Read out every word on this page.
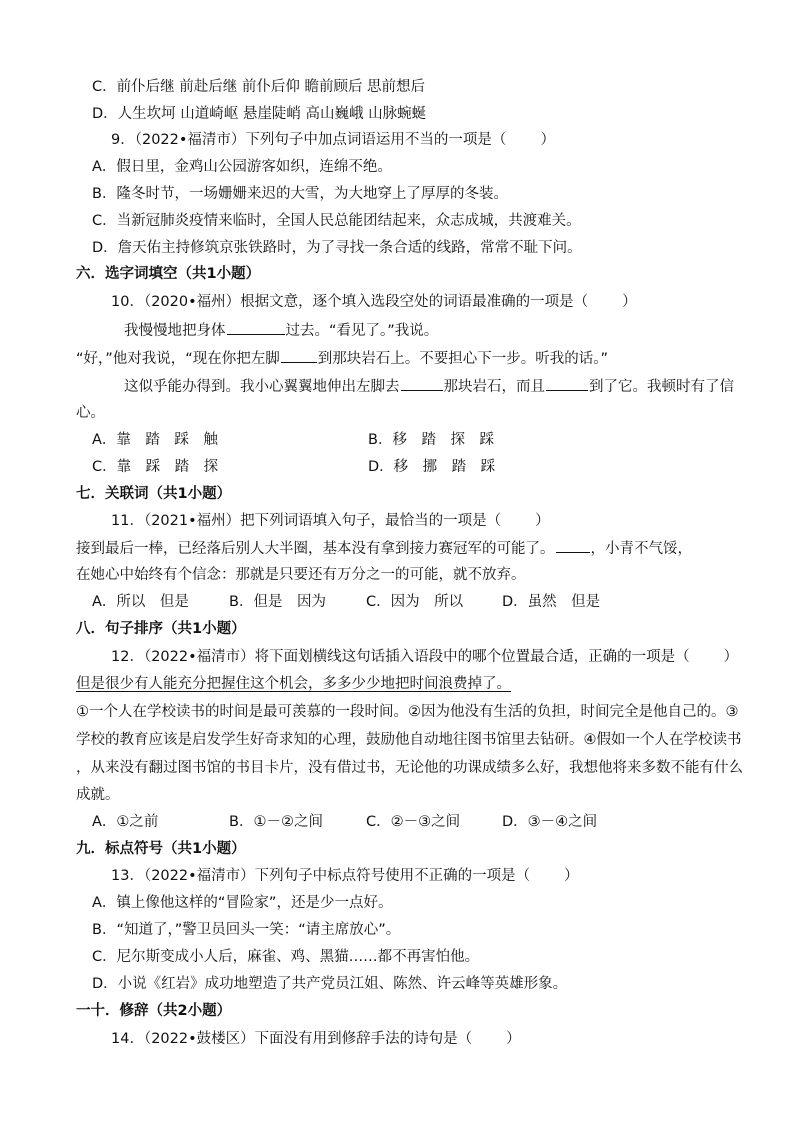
C．前仆后继 前赴后继 前仆后仰 瞻前顾后 思前想后
D．人生坎坷 山道崎岖 悬崖陡峭 高山巍峨 山脉蜿蜒
9．（2022•福清市）下列句子中加点词语运用不当的一项是（ ）
A．假日里，金鸡山公园游客如织，连绵不绝。
B．隆冬时节，一场姗姗来迟的大雪，为大地穿上了厚厚的冬装。
C．当新冠肺炎疫情来临时，全国人民总能团结起来，众志成城，共渡难关。
D．詹天佑主持修筑京张铁路时，为了寻找一条合适的线路，常常不耻下问。
六．选字词填空（共1小题）
10．（2020•福州）根据文意，逐个填入选段空处的词语最准确的一项是（ ）
我慢慢地把身体	过去。“看见了。”我说。
“好，”他对我说，“现在你把左脚	到那块岩石上。不要担心下一步。听我的话。”
这似乎能办得到。我小心翼翼地伸出左脚去	那块岩石，而且	到了它。我顿时有了信
心。
A．靠　踏　踩　触	B．移　踏　探　踩
C．靠　踩　踏　探	D．移　挪　踏　踩
七．关联词（共1小题）
11．（2021•福州）把下列词语填入句子，最恰当的一项是（ ）
接到最后一棒，已经落后别人大半圈，基本没有拿到接力赛冠军的可能了。 ，小青不气馁，
在她心中始终有个信念：那就是只要还有万分之一的可能，就不放弃。
A．所以　但是	B．但是　因为	C．因为　所以	D．虽然　但是
八．句子排序（共1小题）
12．（2022•福清市）将下面划横线这句话插入语段中的哪个位置最合适，正确的一项是（ ）
但是很少有人能充分把握住这个机会，多多少少地把时间浪费掉了。
①一个人在学校读书的时间是最可羡慕的一段时间。②因为他没有生活的负担，时间完全是他自己的。③
学校的教育应该是启发学生好奇求知的心理，鼓励他自动地往图书馆里去钻研。④假如一个人在学校读书
，从来没有翻过图书馆的书目卡片，没有借过书，无论他的功课成绩多么好，我想他将来多数不能有什么
成就。
A．①之前	B．①－②之间	C．②－③之间	D．③－④之间
九．标点符号（共1小题）
13．（2022•福清市）下列句子中标点符号使用不正确的一项是（ ）
A．镇上像他这样的“冒险家”，还是少一点好。
B．“知道了，”警卫员回头一笑：“请主席放心”。
C．尼尔斯变成小人后，麻雀、鸡、黑猫……都不再害怕他。
D．小说《红岩》成功地塑造了共产党员江姐、陈然、许云峰等英雄形象。
一十．修辞（共2小题）
14．（2022•鼓楼区）下面没有用到修辞手法的诗句是（ ）
